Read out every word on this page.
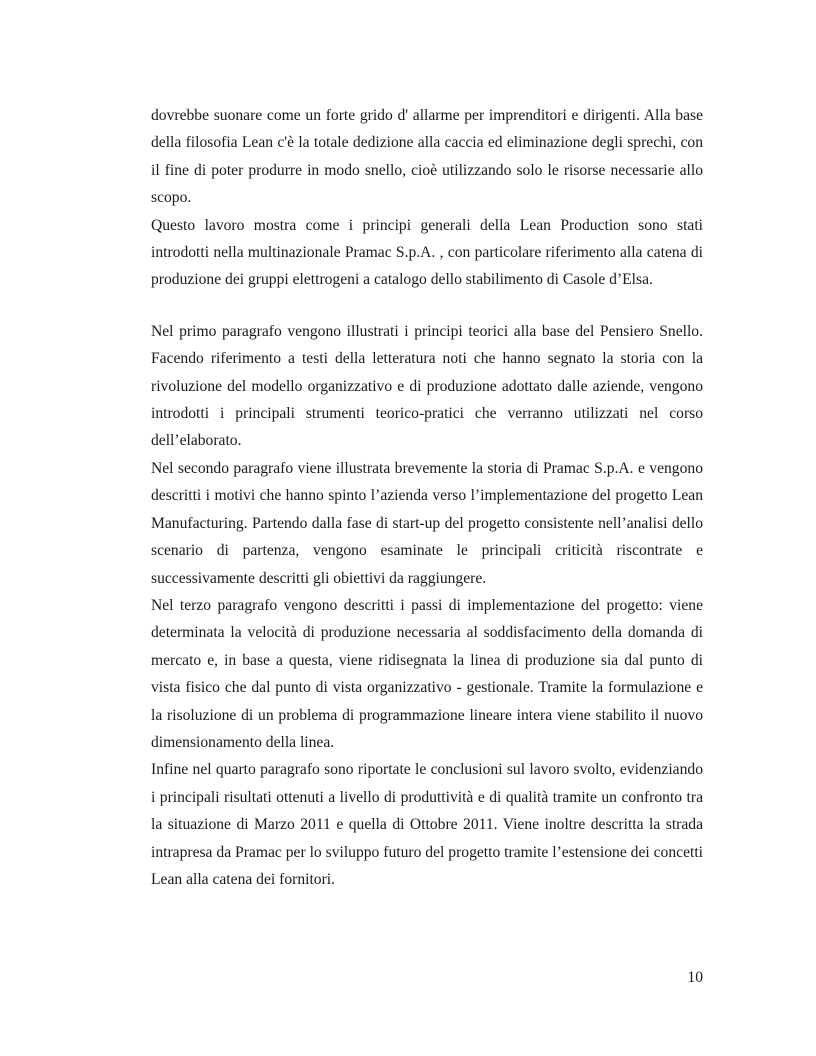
dovrebbe suonare come un forte grido d' allarme per imprenditori e dirigenti. Alla base della filosofia Lean c'è la totale dedizione alla caccia ed eliminazione degli sprechi, con il fine di poter produrre in modo snello, cioè utilizzando solo le risorse necessarie allo scopo.

Questo lavoro mostra come i principi generali della Lean Production sono stati introdotti nella multinazionale Pramac S.p.A. , con particolare riferimento alla catena di produzione dei gruppi elettrogeni a catalogo dello stabilimento di Casole d’Elsa.

Nel primo paragrafo vengono illustrati i principi teorici alla base del Pensiero Snello. Facendo riferimento a testi della letteratura noti che hanno segnato la storia con la rivoluzione del modello organizzativo e di produzione adottato dalle aziende, vengono introdotti i principali strumenti teorico-pratici che verranno utilizzati nel corso dell’elaborato.

Nel secondo paragrafo viene illustrata brevemente la storia di Pramac S.p.A. e vengono descritti i motivi che hanno spinto l’azienda verso l’implementazione del progetto Lean Manufacturing. Partendo dalla fase di start-up del progetto consistente nell’analisi dello scenario di partenza, vengono esaminate le principali criticità riscontrate e successivamente descritti gli obiettivi da raggiungere.

Nel terzo paragrafo vengono descritti i passi di implementazione del progetto: viene determinata la velocità di produzione necessaria al soddisfacimento della domanda di mercato e, in base a questa, viene ridisegnata la linea di produzione sia dal punto di vista fisico che dal punto di vista organizzativo - gestionale. Tramite la formulazione e la risoluzione di un problema di programmazione lineare intera viene stabilito il nuovo dimensionamento della linea.

Infine nel quarto paragrafo sono riportate le conclusioni sul lavoro svolto, evidenziando i principali risultati ottenuti a livello di produttività e di qualità tramite un confronto tra la situazione di Marzo 2011 e quella di Ottobre 2011. Viene inoltre descritta la strada intrapresa da Pramac per lo sviluppo futuro del progetto tramite l’estensione dei concetti Lean alla catena dei fornitori.

10
